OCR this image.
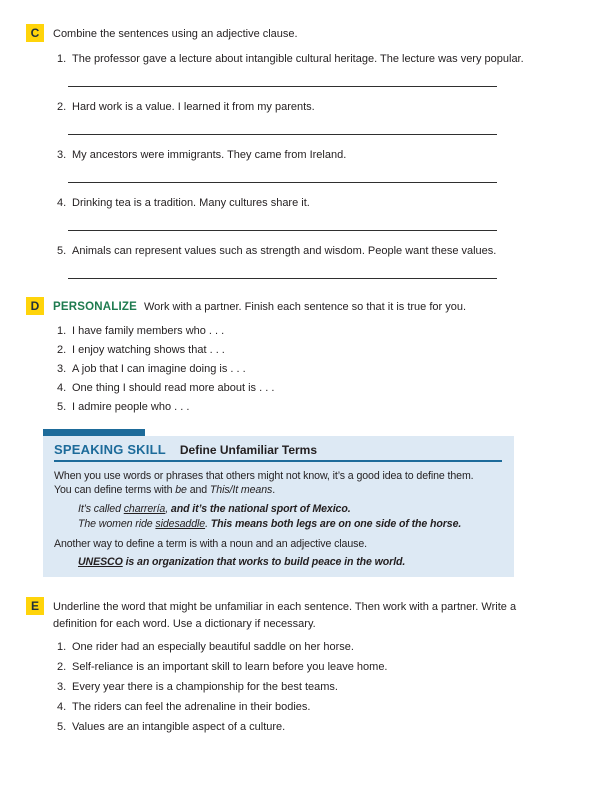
C	Combine the sentences using an adjective clause.
1. The professor gave a lecture about intangible cultural heritage. The lecture was very popular.
2. Hard work is a value. I learned it from my parents.
3. My ancestors were immigrants. They came from Ireland.
4. Drinking tea is a tradition. Many cultures share it.
5. Animals can represent values such as strength and wisdom. People want these values.
D	PERSONALIZE Work with a partner. Finish each sentence so that it is true for you.
1. I have family members who . . .
2. I enjoy watching shows that . . .
3. A job that I can imagine doing is . . .
4. One thing I should read more about is . . .
5. I admire people who . . .
SPEAKING SKILL Define Unfamiliar Terms
When you use words or phrases that others might not know, it’s a good idea to define them.
You can define terms with be and This/It means.
It’s called charrería, and it’s the national sport of Mexico.
The women ride sidesaddle. This means both legs are on one side of the horse.
Another way to define a term is with a noun and an adjective clause.
UNESCO is an organization that works to build peace in the world.
E	Underline the word that might be unfamiliar in each sentence. Then work with a partner. Write a definition for each word. Use a dictionary if necessary.
1. One rider had an especially beautiful saddle on her horse.
2. Self-reliance is an important skill to learn before you leave home.
3. Every year there is a championship for the best teams.
4. The riders can feel the adrenaline in their bodies.
5. Values are an intangible aspect of a culture.
